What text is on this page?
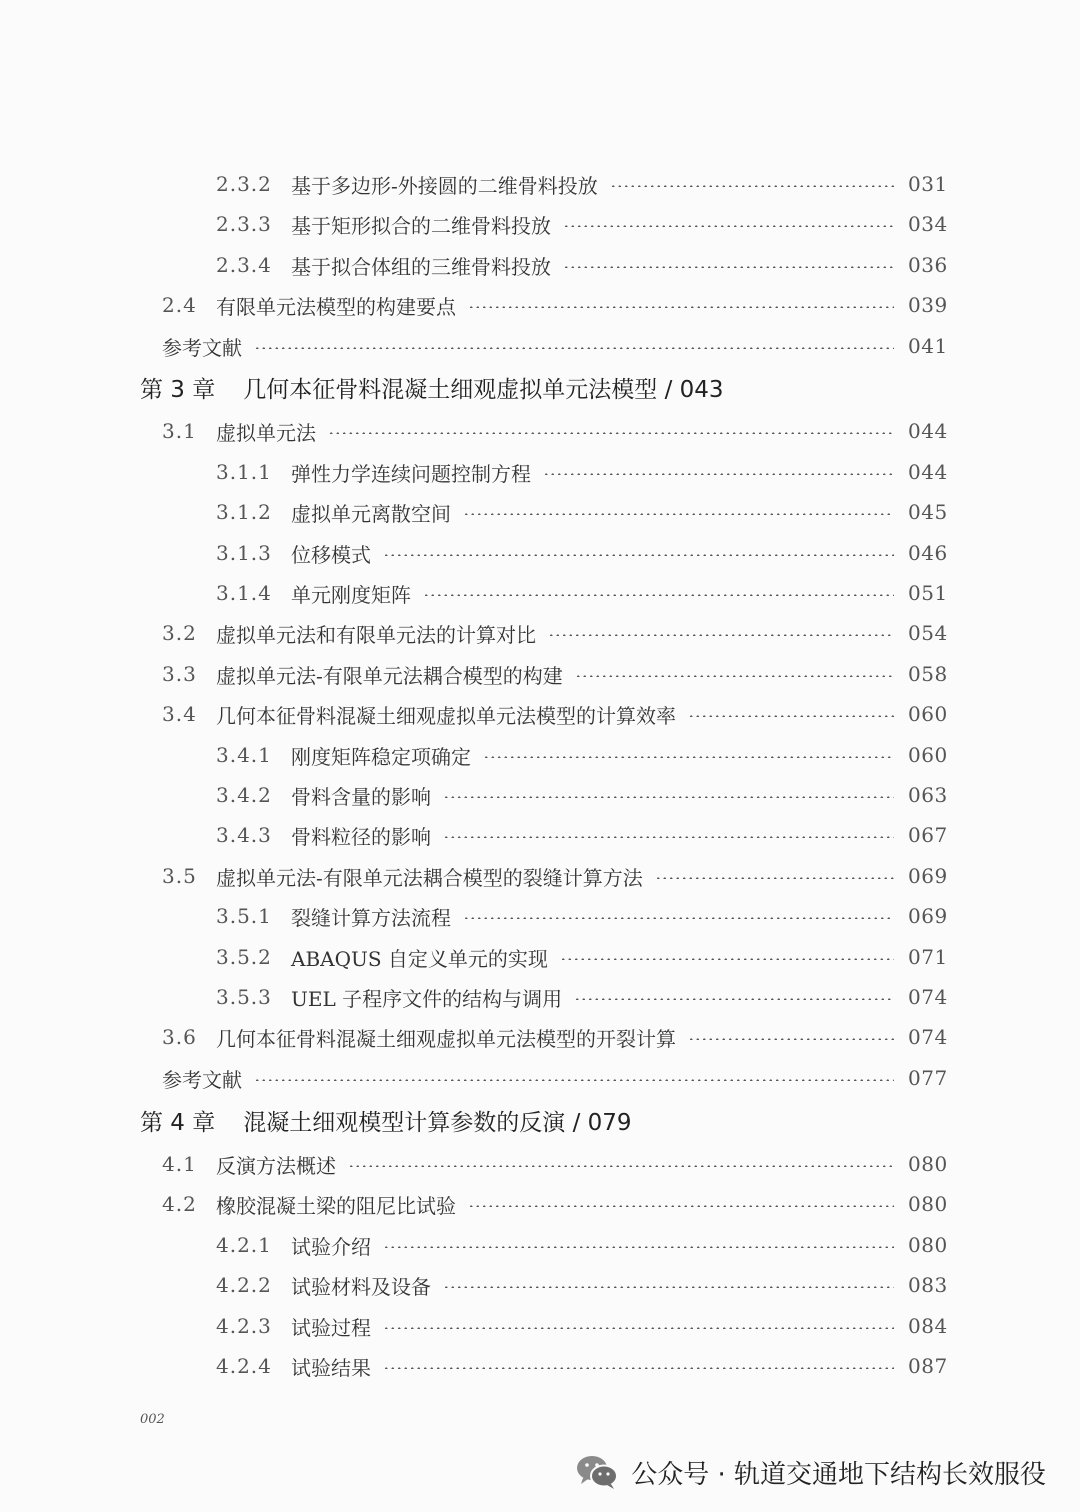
2.3.2 基于多边形-外接圆的二维骨料投放	031
2.3.3 基于矩形拟合的二维骨料投放	034
2.3.4 基于拟合体组的三维骨料投放	036
2.4 有限单元法模型的构建要点	039
参考文献	041
第 3 章 几何本征骨料混凝土细观虚拟单元法模型 / 043
3.1 虚拟单元法	044
3.1.1 弹性力学连续问题控制方程	044
3.1.2 虚拟单元离散空间	045
3.1.3 位移模式	046
3.1.4 单元刚度矩阵	051
3.2 虚拟单元法和有限单元法的计算对比	054
3.3 虚拟单元法-有限单元法耦合模型的构建	058
3.4 几何本征骨料混凝土细观虚拟单元法模型的计算效率	060
3.4.1 刚度矩阵稳定项确定	060
3.4.2 骨料含量的影响	063
3.4.3 骨料粒径的影响	067
3.5 虚拟单元法-有限单元法耦合模型的裂缝计算方法	069
3.5.1 裂缝计算方法流程	069
3.5.2 ABAQUS 自定义单元的实现	071
3.5.3 UEL 子程序文件的结构与调用	074
3.6 几何本征骨料混凝土细观虚拟单元法模型的开裂计算	074
参考文献	077
第 4 章 混凝土细观模型计算参数的反演 / 079
4.1 反演方法概述	080
4.2 橡胶混凝土梁的阻尼比试验	080
4.2.1 试验介绍	080
4.2.2 试验材料及设备	083
4.2.3 试验过程	084
4.2.4 试验结果	087
002
公众号 · 轨道交通地下结构长效服役
